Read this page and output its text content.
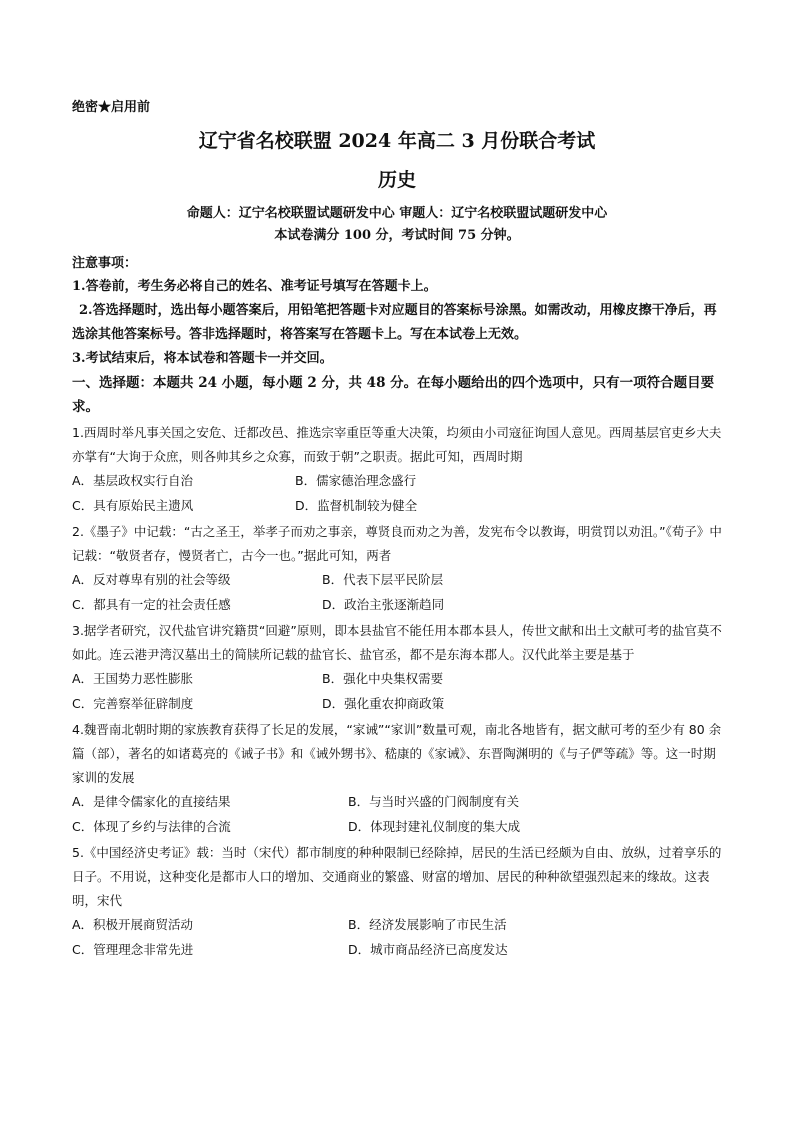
绝密★启用前
辽宁省名校联盟 2024 年高二 3 月份联合考试
历史
命题人：辽宁名校联盟试题研发中心 审题人：辽宁名校联盟试题研发中心
本试卷满分 100 分，考试时间 75 分钟。
注意事项：
1.答卷前，考生务必将自己的姓名、准考证号填写在答题卡上。
2.答选择题时，选出每小题答案后，用铅笔把答题卡对应题目的答案标号涂黑。如需改动，用橡皮擦干净后，再选涂其他答案标号。答非选择题时，将答案写在答题卡上。写在本试卷上无效。
3.考试结束后，将本试卷和答题卡一并交回。
一、选择题：本题共 24 小题，每小题 2 分，共 48 分。在每小题给出的四个选项中，只有一项符合题目要求。
1.西周时举凡事关国之安危、迁都改邑、推选宗宰重臣等重大决策，均须由小司寇征询国人意见。西周基层官吏乡大夫亦掌有“大询于众庶，则各帅其乡之众寡，而致于朝”之职责。据此可知，西周时期
A．基层政权实行自治	B．儒家德治理念盛行
C．具有原始民主遗风	D．监督机制较为健全
2.《墨子》中记载：“古之圣王，举孝子而劝之事亲，尊贤良而劝之为善，发宪布令以教诲，明赏罚以劝沮。”《荀子》中记载：“敬贤者存，慢贤者亡，古今一也。”据此可知，两者
A．反对尊卑有别的社会等级	B．代表下层平民阶层
C．都具有一定的社会责任感	D．政治主张逐渐趋同
3.据学者研究，汉代盐官讲究籍贯“回避”原则，即本县盐官不能任用本郡本县人，传世文献和出土文献可考的盐官莫不如此。连云港尹湾汉墓出土的简牍所记载的盐官长、盐官丞，都不是东海本郡人。汉代此举主要是基于
A．王国势力恶性膨胀	B．强化中央集权需要
C．完善察举征辟制度	D．强化重农抑商政策
4.魏晋南北朝时期的家族教育获得了长足的发展，“家诫”“家训”数量可观，南北各地皆有，据文献可考的至少有 80 余篇（部），著名的如诸葛亮的《诫子书》和《诫外甥书》、嵇康的《家诫》、东晋陶渊明的《与子俨等疏》等。这一时期家训的发展
A．是律令儒家化的直接结果	B．与当时兴盛的门阀制度有关
C．体现了乡约与法律的合流	D．体现封建礼仪制度的集大成
5.《中国经济史考证》载：当时（宋代）都市制度的种种限制已经除掉，居民的生活已经颇为自由、放纵，过着享乐的日子。不用说，这种变化是都市人口的增加、交通商业的繁盛、财富的增加、居民的种种欲望强烈起来的缘故。这表明，宋代
A．积极开展商贸活动	B．经济发展影响了市民生活
C．管理理念非常先进	D．城市商品经济已高度发达
